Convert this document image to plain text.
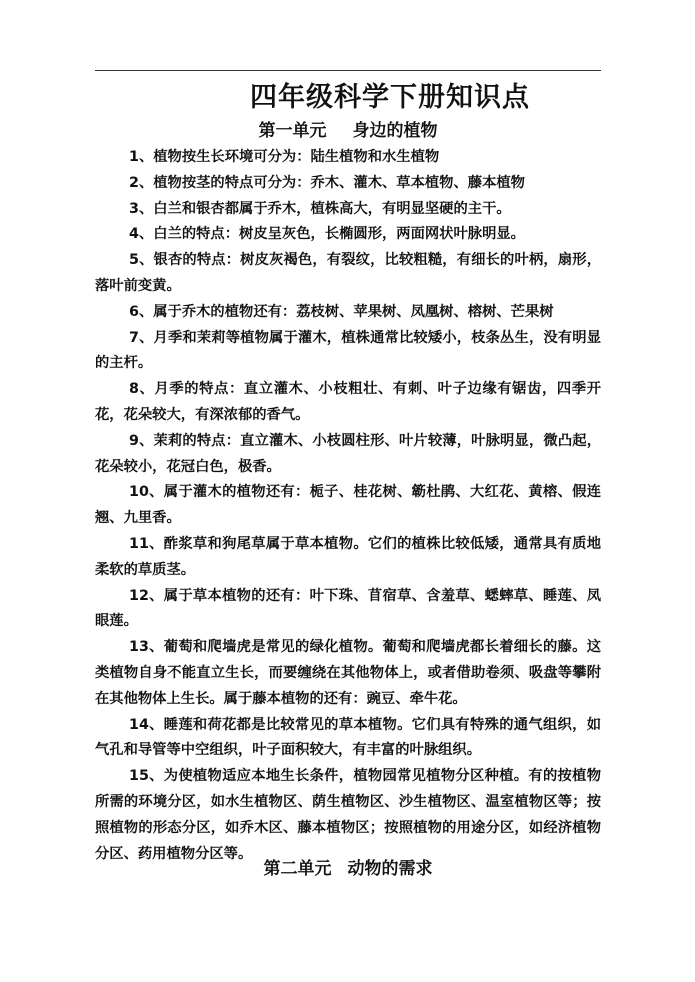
四年级科学下册知识点
第一单元 身边的植物

1、植物按生长环境可分为：陆生植物和水生植物

2、植物按茎的特点可分为：乔木、灌木、草本植物、藤本植物

3、白兰和银杏都属于乔木，植株高大，有明显坚硬的主干。

4、白兰的特点：树皮呈灰色，长椭圆形，两面网状叶脉明显。

5、银杏的特点：树皮灰褐色，有裂纹，比较粗糙，有细长的叶柄，扇形，落叶前变黄。

6、属于乔木的植物还有：荔枝树、苹果树、凤凰树、榕树、芒果树

7、月季和茉莉等植物属于灌木，植株通常比较矮小，枝条丛生，没有明显的主杆。

8、月季的特点：直立灌木、小枝粗壮、有刺、叶子边缘有锯齿，四季开花，花朵较大，有深浓郁的香气。

9、茉莉的特点：直立灌木、小枝圆柱形、叶片较薄，叶脉明显，微凸起，花朵较小，花冠白色，极香。

10、属于灌木的植物还有：栀子、桂花树、簕杜鹃、大红花、黄榕、假连翘、九里香。

11、酢浆草和狗尾草属于草本植物。它们的植株比较低矮，通常具有质地柔软的草质茎。

12、属于草本植物的还有：叶下珠、苜宿草、含羞草、蟋蟀草、睡莲、凤眼莲。

13、葡萄和爬墙虎是常见的绿化植物。葡萄和爬墙虎都长着细长的藤。这类植物自身不能直立生长，而要缠绕在其他物体上，或者借助卷须、吸盘等攀附在其他物体上生长。属于藤本植物的还有：豌豆、牵牛花。

14、睡莲和荷花都是比较常见的草本植物。它们具有特殊的通气组织，如气孔和导管等中空组织，叶子面积较大，有丰富的叶脉组织。

15、为使植物适应本地生长条件，植物园常见植物分区种植。有的按植物所需的环境分区，如水生植物区、荫生植物区、沙生植物区、温室植物区等；按照植物的形态分区，如乔木区、藤本植物区；按照植物的用途分区，如经济植物分区、药用植物分区等。

第二单元 动物的需求
